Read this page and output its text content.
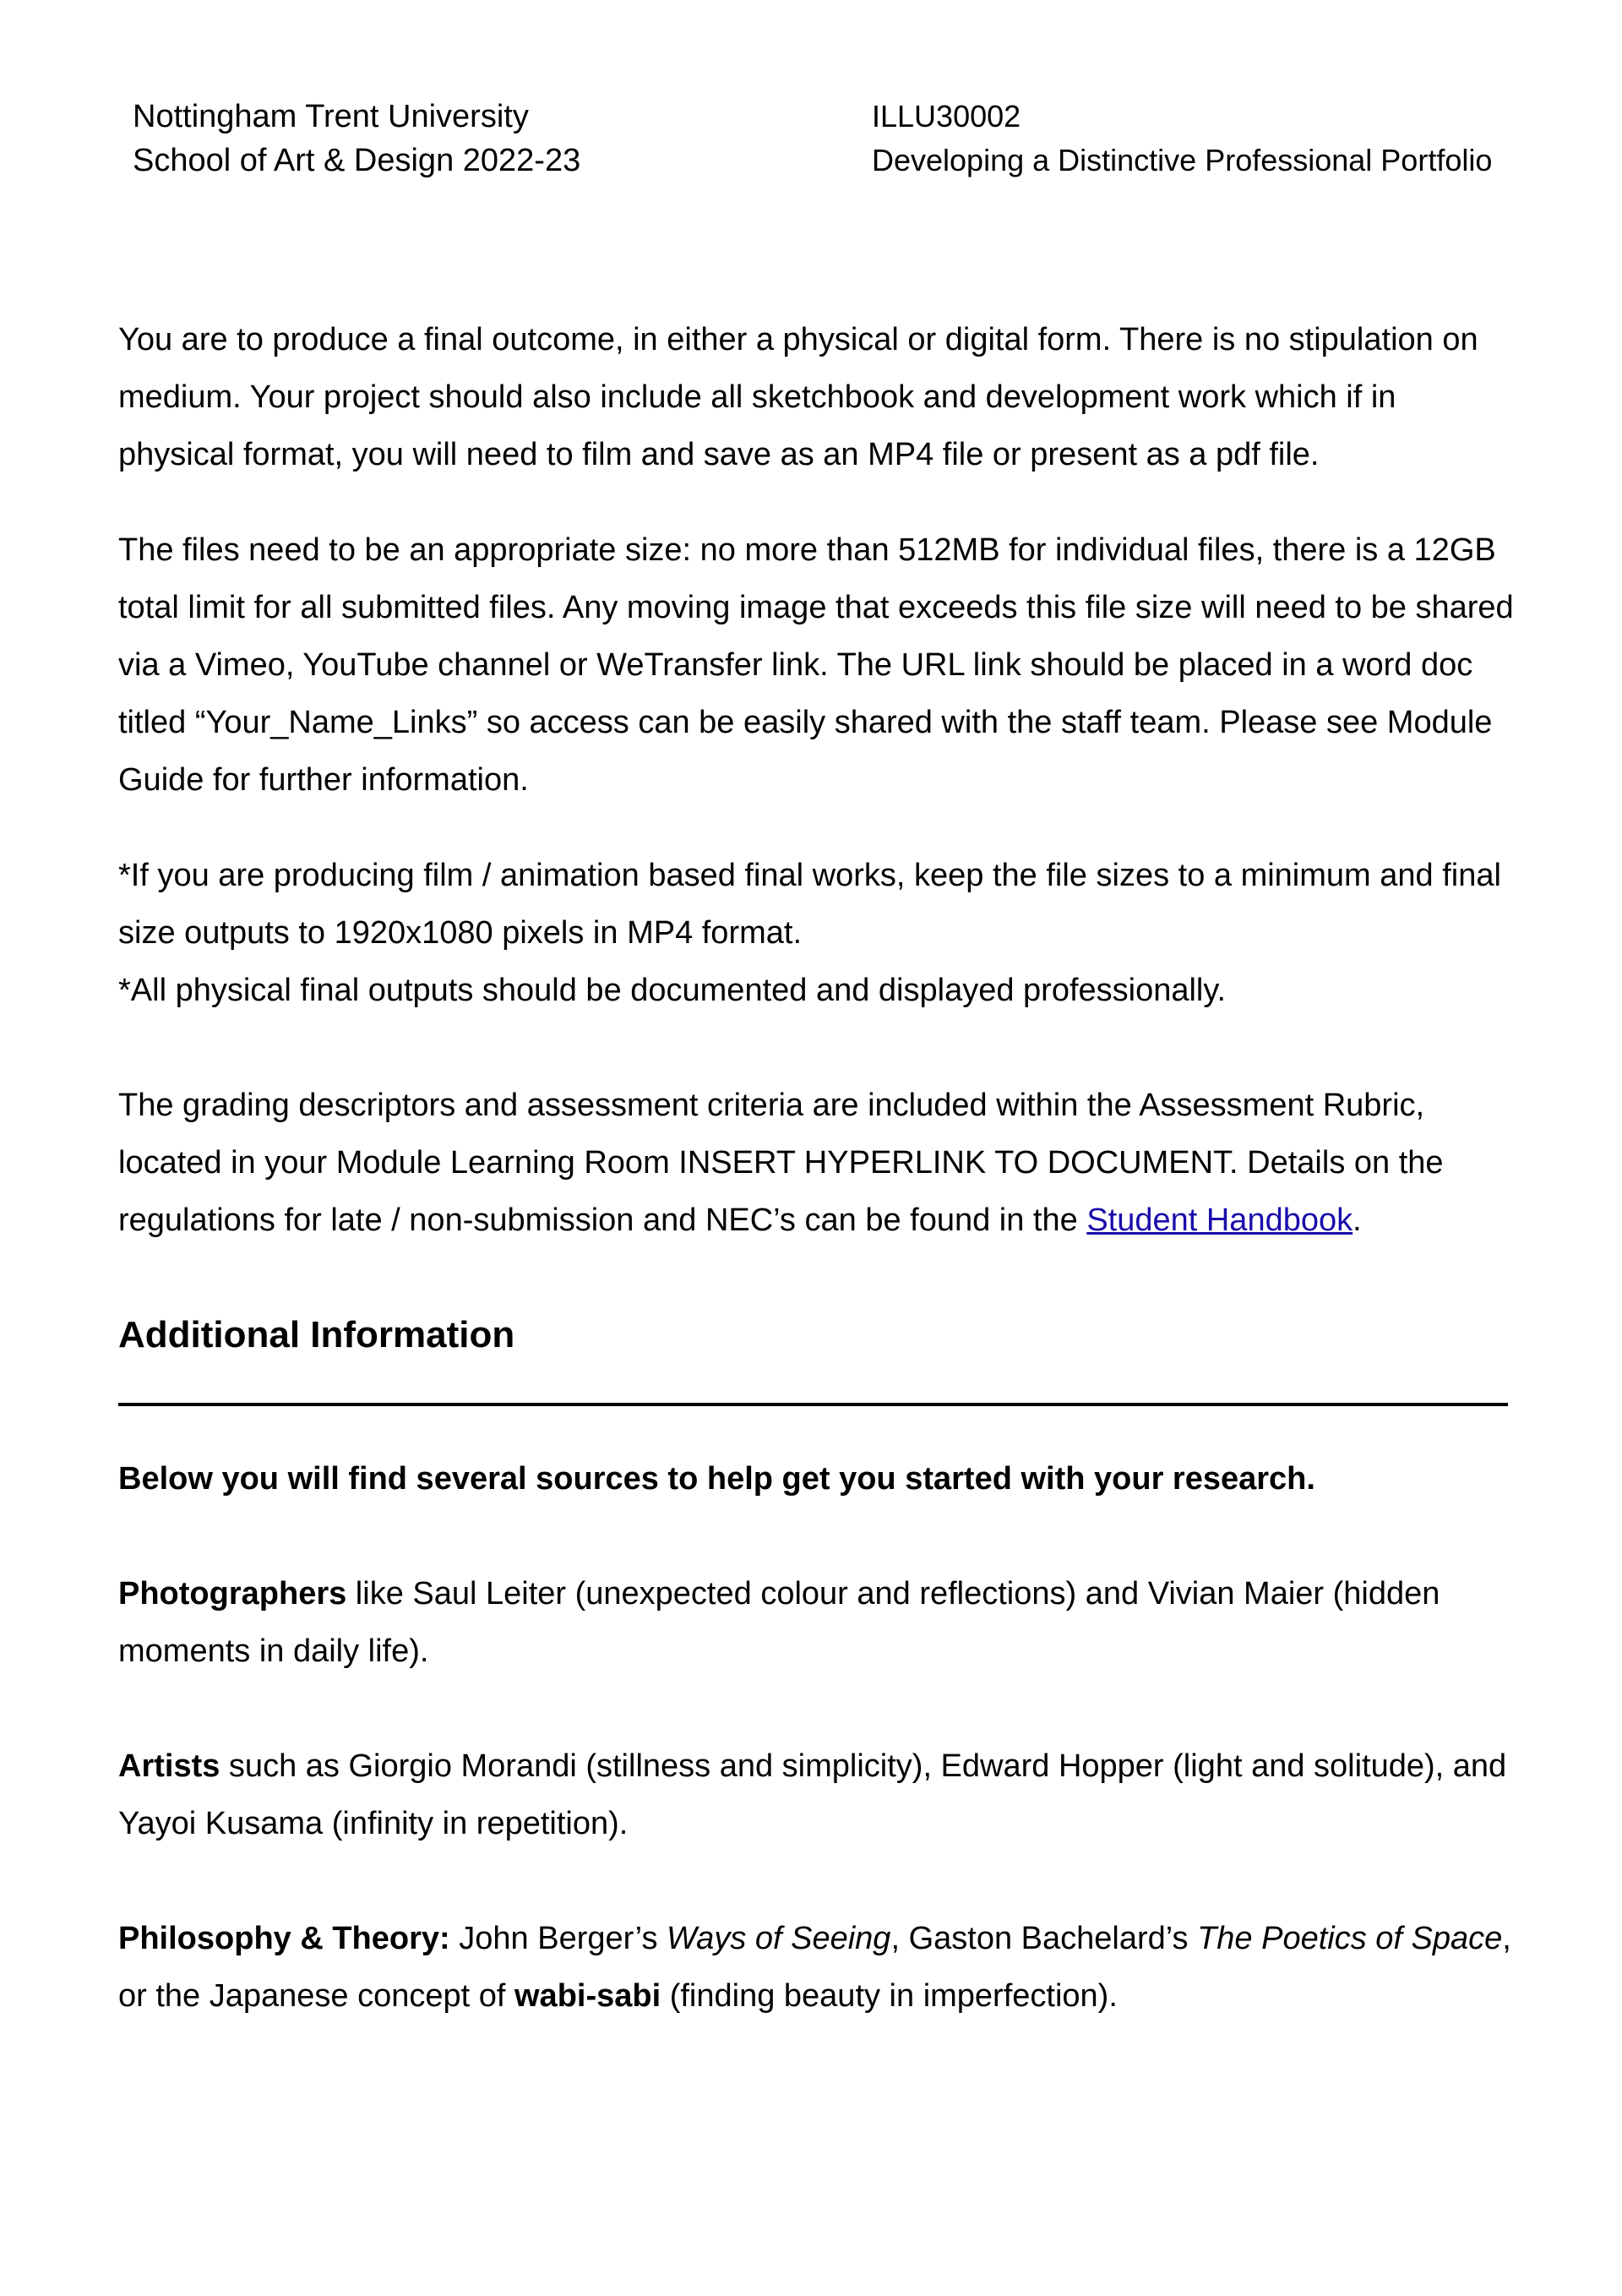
Nottingham Trent University
School of Art & Design 2022-23
ILLU30002
Developing a Distinctive Professional Portfolio

You are to produce a final outcome, in either a physical or digital form. There is no stipulation on medium. Your project should also include all sketchbook and development work which if in physical format, you will need to film and save as an MP4 file or present as a pdf file.

The files need to be an appropriate size: no more than 512MB for individual files, there is a 12GB total limit for all submitted files. Any moving image that exceeds this file size will need to be shared via a Vimeo, YouTube channel or WeTransfer link. The URL link should be placed in a word doc titled “Your_Name_Links” so access can be easily shared with the staff team. Please see Module Guide for further information.

*If you are producing film / animation based final works, keep the file sizes to a minimum and final size outputs to 1920x1080 pixels in MP4 format.

*All physical final outputs should be documented and displayed professionally.

The grading descriptors and assessment criteria are included within the Assessment Rubric, located in your Module Learning Room INSERT HYPERLINK TO DOCUMENT. Details on the regulations for late / non-submission and NEC’s can be found in the Student Handbook.

Additional Information

Below you will find several sources to help get you started with your research.

Photographers like Saul Leiter (unexpected colour and reflections) and Vivian Maier (hidden moments in daily life).

Artists such as Giorgio Morandi (stillness and simplicity), Edward Hopper (light and solitude), and Yayoi Kusama (infinity in repetition).

Philosophy & Theory: John Berger’s Ways of Seeing, Gaston Bachelard’s The Poetics of Space, or the Japanese concept of wabi-sabi (finding beauty in imperfection).
